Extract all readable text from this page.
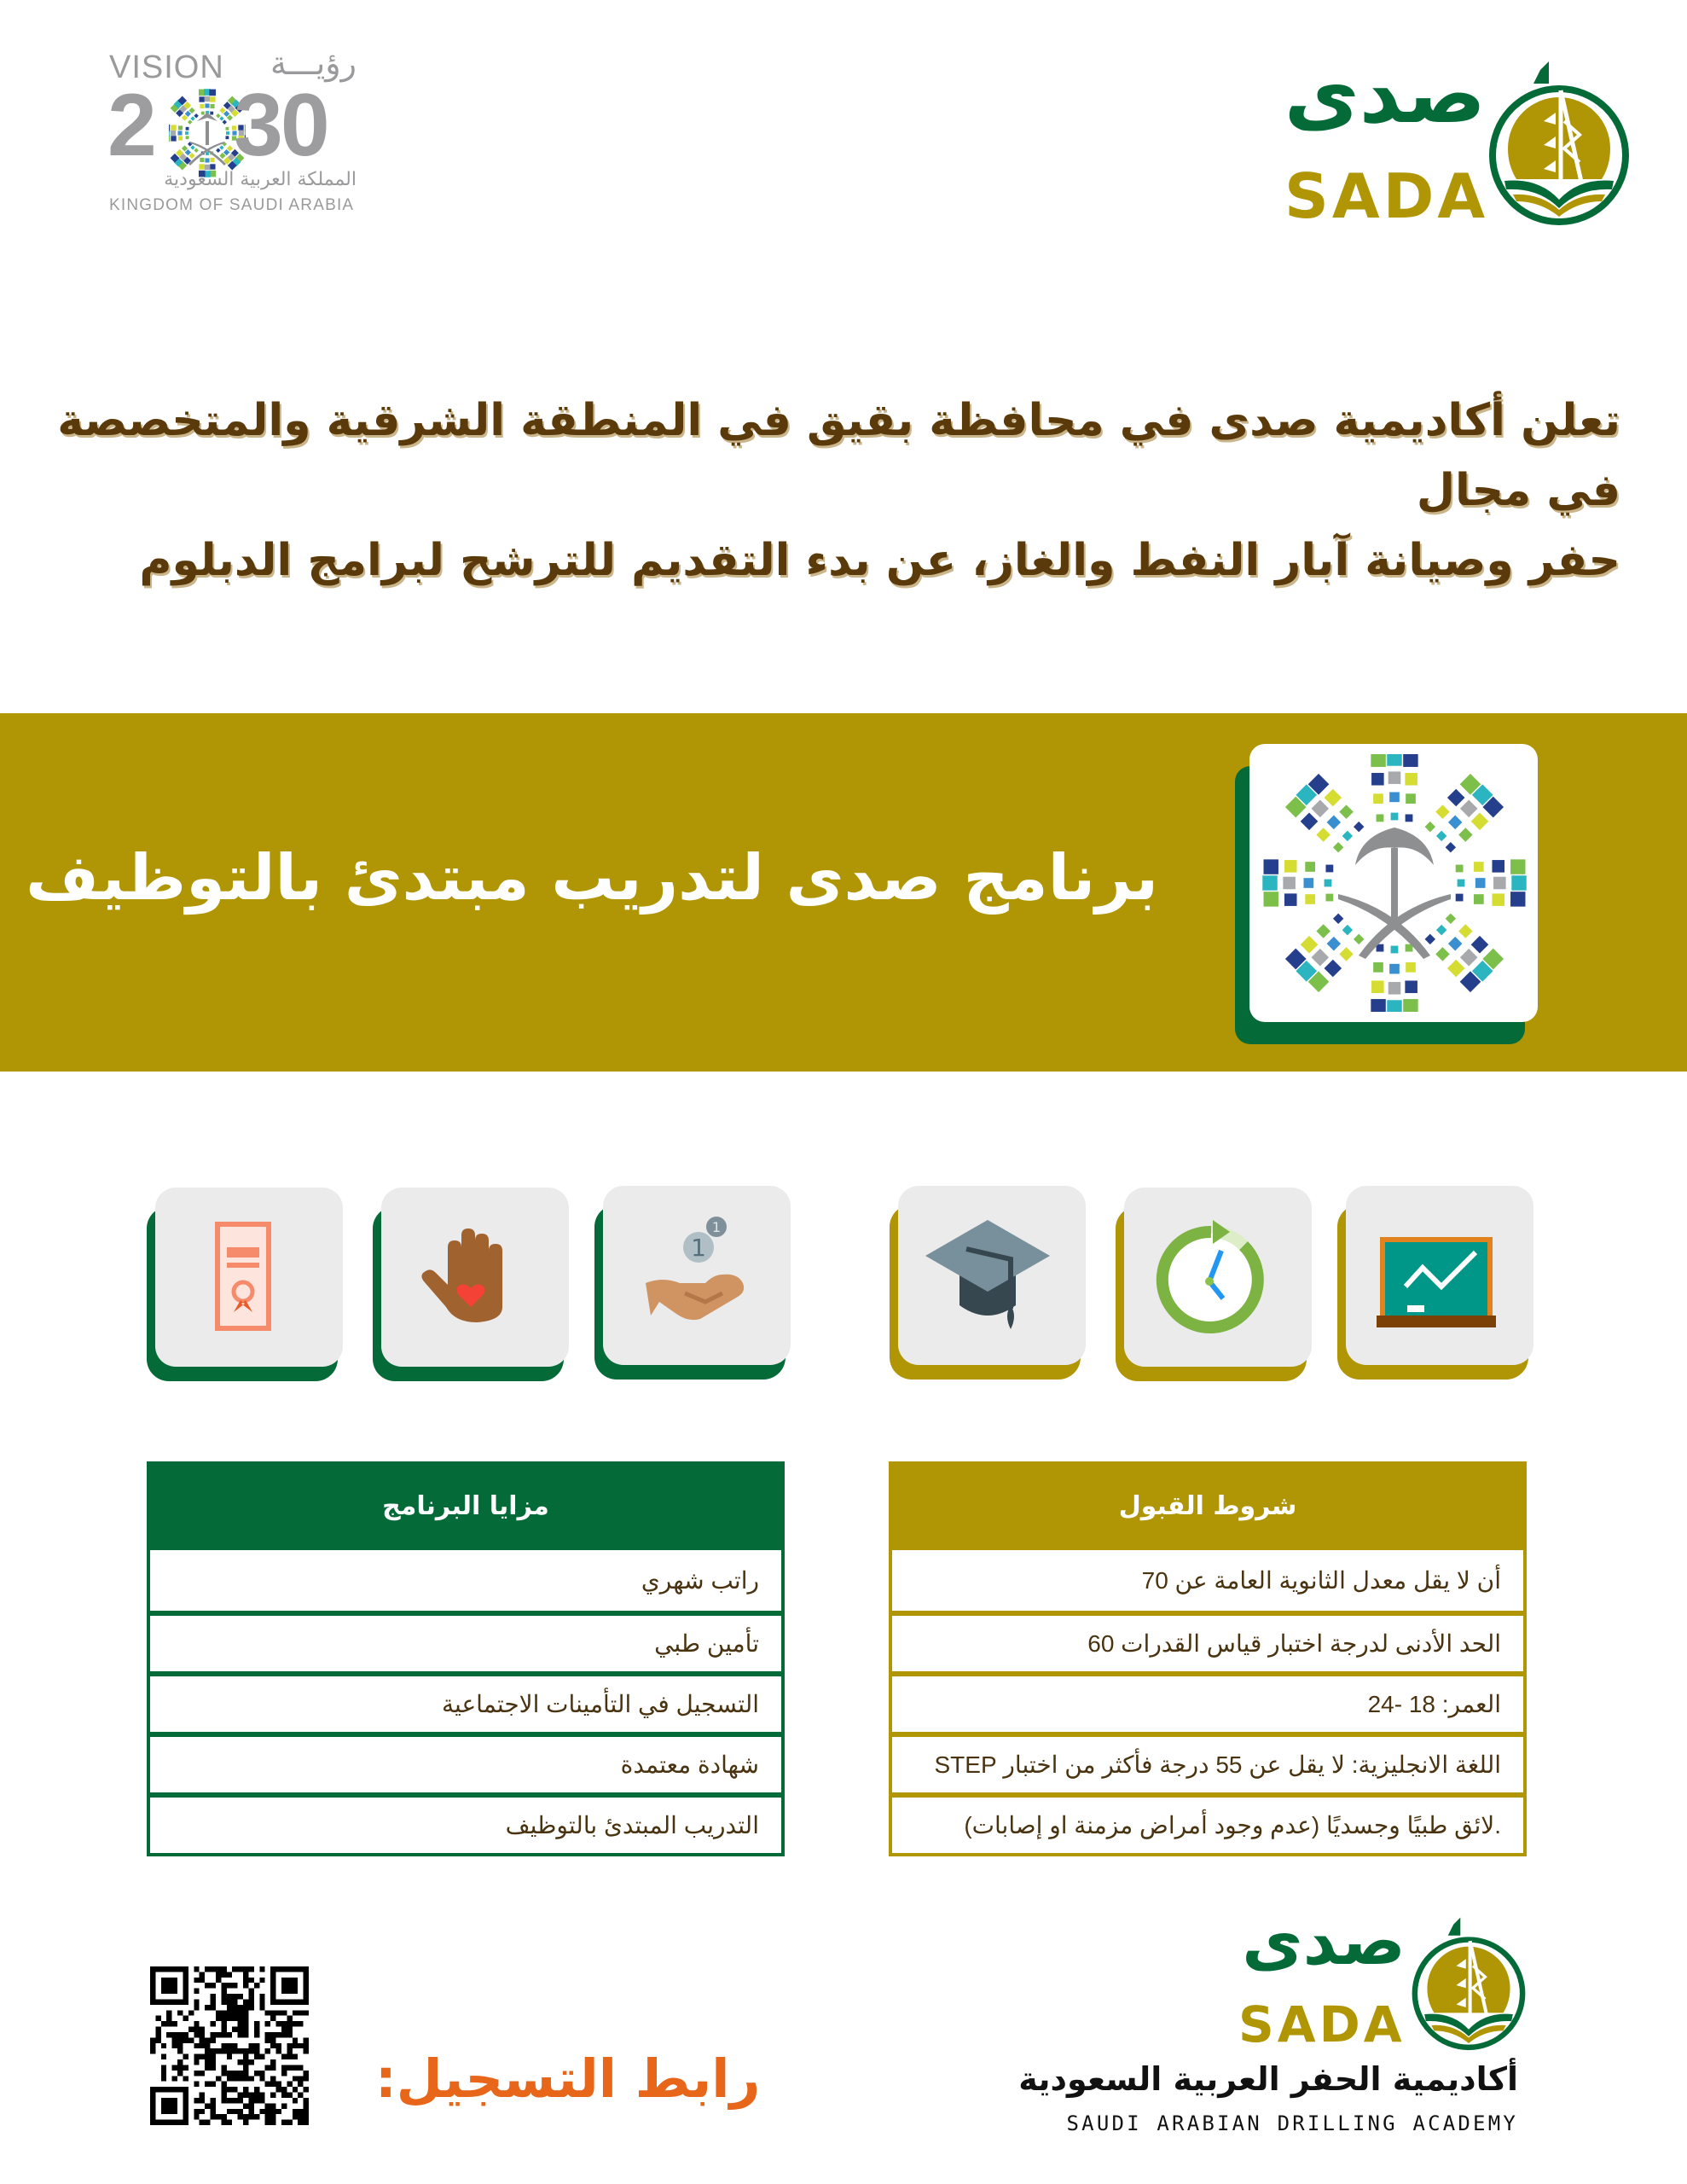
VISION رؤيـــة
2 30
المملكة العربية السعودية
KINGDOM OF SAUDI ARABIA
صدى
SADA
تعلن أكاديمية صدى في محافظة بقيق في المنطقة الشرقية والمتخصصة في مجال
حفر وصيانة آبار النفط والغاز، عن بدء التقديم للترشح لبرامج الدبلوم
برنامج صدى لتدريب مبتدئ بالتوظيف
1
1
شروط القبول
أن لا يقل معدل الثانوية العامة عن 70
الحد الأدنى لدرجة اختبار قياس القدرات 60
العمر: 18 -24
اللغة الانجليزية: لا يقل عن 55 درجة فأكثر من اختبار STEP
.لائق طبيًا وجسديًا (عدم وجود أمراض مزمنة او إصابات)
مزايا البرنامج
راتب شهري
تأمين طبي
التسجيل في التأمينات الاجتماعية
شهادة معتمدة
التدريب المبتدئ بالتوظيف
رابط التسجيل:
صدى
SADA
أكاديمية الحفر العربية السعودية
SAUDI ARABIAN DRILLING ACADEMY
